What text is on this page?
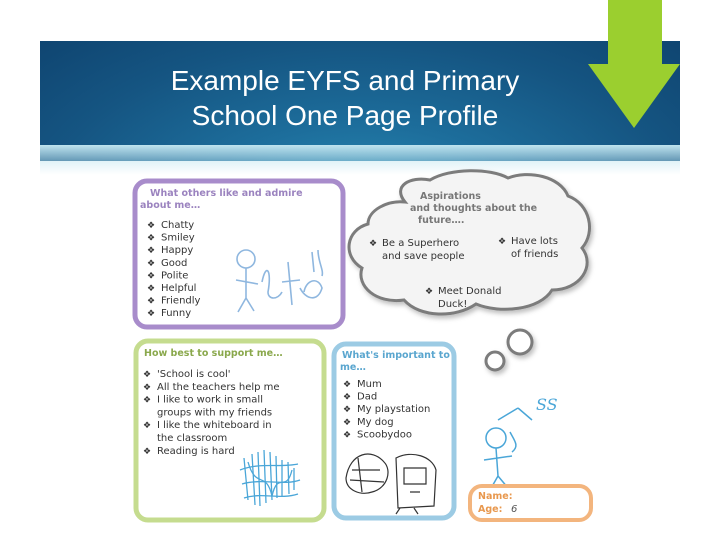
Example EYFS and Primary
School One Page Profile
What others like and admire
about me…
❖ Chatty
❖ Smiley
❖ Happy
❖ Good
❖ Polite
❖ Helpful
❖ Friendly
❖ Funny
Aspirations
and thoughts about the
future….
❖ Be a Superhero
and save people
❖ Have lots
of friends
❖ Meet Donald
Duck!
How best to support me…
❖ 'School is cool'
❖ All the teachers help me
❖ I like to work in small
groups with my friends
❖ I like the whiteboard in
the classroom
❖ Reading is hard
What's important to
me…
❖ Mum
❖ Dad
❖ My playstation
❖ My dog
❖ Scoobydoo
SS
Name:
Age: 6
